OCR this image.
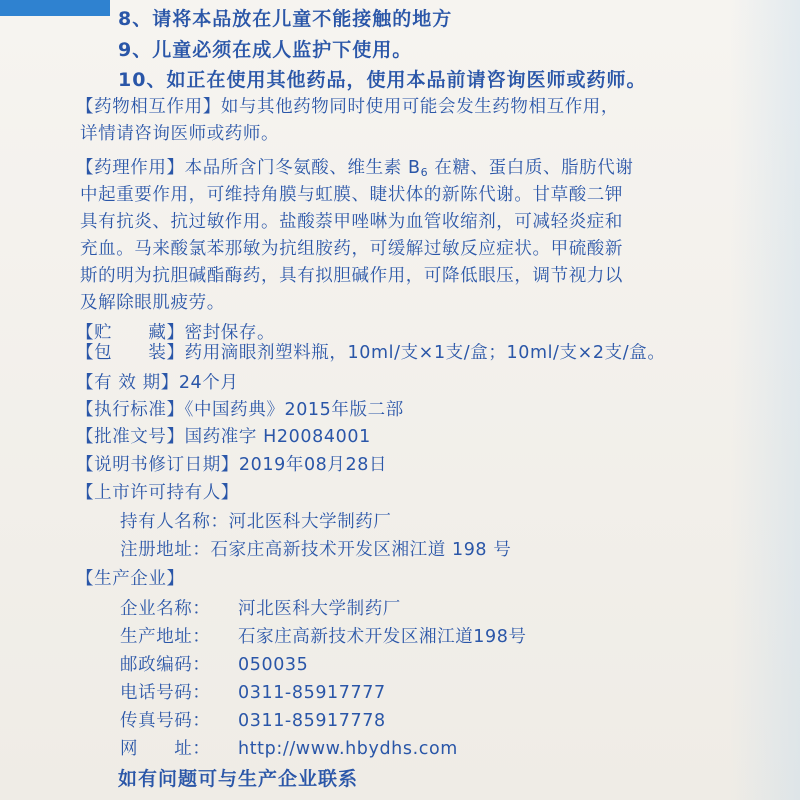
8、请将本品放在儿童不能接触的地方
9、儿童必须在成人监护下使用。
10、如正在使用其他药品，使用本品前请咨询医师或药师。
【药物相互作用】如与其他药物同时使用可能会发生药物相互作用，
详情请咨询医师或药师。
【药理作用】本品所含门冬氨酸、维生素 $B_6$ 在糖、蛋白质、脂肪代谢
中起重要作用，可维持角膜与虹膜、睫状体的新陈代谢。甘草酸二钾
具有抗炎、抗过敏作用。盐酸萘甲唑啉为血管收缩剂，可减轻炎症和
充血。马来酸氯苯那敏为抗组胺药，可缓解过敏反应症状。甲硫酸新
斯的明为抗胆碱酯酶药，具有拟胆碱作用，可降低眼压，调节视力以
及解除眼肌疲劳。
【贮　　藏】密封保存。
【包　　装】药用滴眼剂塑料瓶，10ml/支×1支/盒；10ml/支×2支/盒。
【有 效 期】24个月
【执行标准】《中国药典》2015年版二部
【批准文号】国药准字 H20084001
【说明书修订日期】2019年08月28日
【上市许可持有人】
持有人名称：河北医科大学制药厂
注册地址：石家庄高新技术开发区湘江道 198 号
【生产企业】
企业名称： 河北医科大学制药厂
生产地址： 石家庄高新技术开发区湘江道198号
邮政编码： 050035
电话号码： 0311-85917777
传真号码： 0311-85917778
网　　址： http://www.hbydhs.com
如有问题可与生产企业联系
